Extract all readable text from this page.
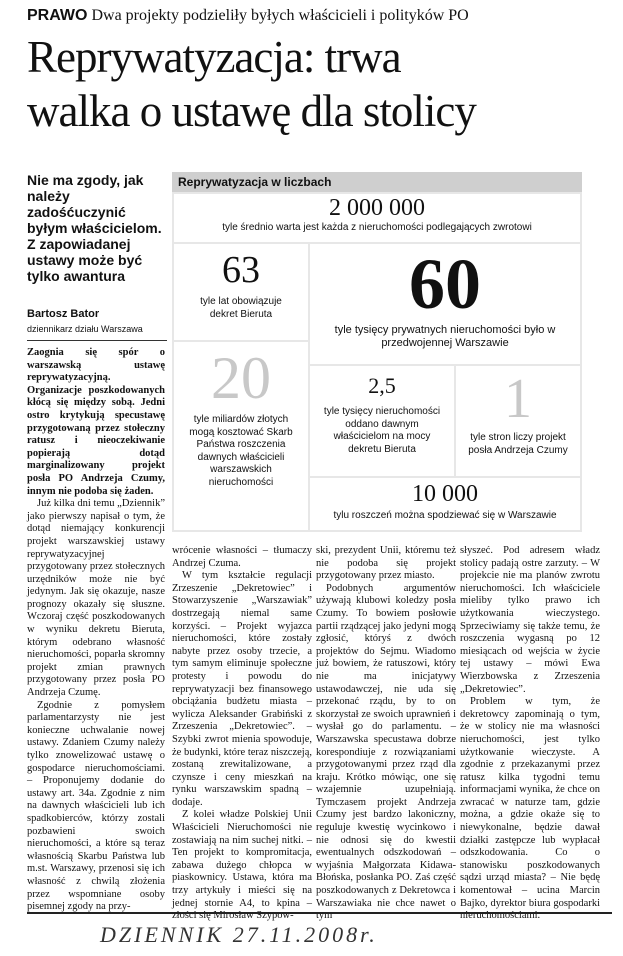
PRAWO Dwa projekty podzieliły byłych właścicieli i polityków PO
Reprywatyzacja: trwa
walka o ustawę dla stolicy
Nie ma zgody, jak należy zadośćuczynić byłym właścicielom. Z zapowiadanej ustawy może być tylko awantura
Bartosz Bator
dziennikarz działu Warszawa
Reprywatyzacja w liczbach
2 000 000
tyle średnio warta jest każda z nieruchomości podlegających zwrotowi
63
tyle lat obowiązuje dekret Bieruta	60
tyle tysięcy prywatnych nieruchomości było w przedwojennej Warszawie
20
tyle miliardów złotych mogą kosztować Skarb Państwa roszczenia dawnych właścicieli warszawskich nieruchomości
2,5
tyle tysięcy nieruchomości oddano dawnym właścicielom na mocy dekretu Bieruta
1
tyle stron liczy projekt posła Andrzeja Czumy
10 000
tylu roszczeń można spodziewać się w Warszawie

Zaognia się spór o warszawską ustawę reprywatyzacyjną. Organizacje poszkodowanych kłócą się między sobą. Jedni ostro krytykują specustawę przygotowaną przez stołeczny ratusz i nieoczekiwanie popierają dotąd marginalizowany projekt posła PO Andrzeja Czumy, innym nie podoba się żaden.

Już kilka dni temu „Dziennik” jako pierwszy napisał o tym, że dotąd niemający konkurencji projekt warszawskiej ustawy reprywatyzacyjnej przygotowany przez stołecznych urzędników może nie być jedynym. Jak się okazuje, nasze prognozy okazały się słuszne. Wczoraj część poszkodowanych w wyniku dekretu Bieruta, którym odebrano własność nieruchomości, poparła skromny projekt zmian prawnych przygotowany przez posła PO Andrzeja Czumę.

Zgodnie z pomysłem parlamentarzysty nie jest konieczne uchwalanie nowej ustawy. Zdaniem Czumy należy tylko znowelizować ustawę o gospodarce nieruchomościami. – Proponujemy dodanie do ustawy art. 34a. Zgodnie z nim na dawnych właścicieli lub ich spadkobierców, którzy zostali pozbawieni swoich nieruchomości, a które są teraz własnością Skarbu Państwa lub m.st. Warszawy, przenosi się ich własność z chwilą złożenia przez wspomniane osoby pisemnej zgody na przy-

wrócenie własności – tłumaczy Andrzej Czuma.

W tym kształcie regulacji Zrzeszenie „Dekretowiec” i Stowarzyszenie „Warszawiak” dostrzegają niemal same korzyści. – Projekt wyjazca nieruchomości, które zostały nabyte przez osoby trzecie, a tym samym eliminuje społeczne protesty i powodu do reprywatyzacji bez finansowego obciążania budżetu miasta – wylicza Aleksander Grabiński z Zrzeszenia „Dekretowiec”. – Szybki zwrot mienia spowoduje, że budynki, które teraz niszczeją, zostaną zrewitalizowane, a czynsze i ceny mieszkań na rynku warszawskim spadną – dodaje.

Z kolei władze Polskiej Unii Właścicieli Nieruchomości nie zostawiają na nim suchej nitki. – Ten projekt to kompromitacja, zabawa dużego chłopca w piaskownicy. Ustawa, która ma trzy artykuły i mieści się na jednej stornie A4, to kpina – złości się Mirosław Szypow-

ski, prezydent Unii, któremu też nie podoba się projekt przygotowany przez miasto.

Podobnych argumentów używają klubowi koledzy posła Czumy. To bowiem posłowie partii rządzącej jako jedyni mogą zgłosić, któryś z dwóch projektów do Sejmu. Wiadomo już bowiem, że ratuszowi, który nie ma inicjatywy ustawodawczej, nie uda się przekonać rządu, by to on skorzystał ze swoich uprawnień i wysłał go do parlamentu. – Warszawska specustawa dobrze korespondiuje z rozwiązaniami przygotowanymi przez rząd dla kraju. Krótko mówiąc, one się wzajemnie uzupełniają. Tymczasem projekt Andrzeja Czumy jest bardzo lakoniczny, reguluje kwestię wycinkowo i nie odnosi się do kwestii ewentualnych odszkodowań – wyjaśnia Małgorzata Kidawa-Błońska, posłanka PO. Zaś część poszkodowanych z Dekretowca i Warszawiaka nie chce nawet o tym

słyszeć. Pod adresem władz stolicy padają ostre zarzuty. – W projekcie nie ma planów zwrotu nieruchomości. Ich właściciele mieliby tylko prawo ich użytkowania wieczystego. Sprzeciwiamy się także temu, że roszczenia wygasną po 12 miesiącach od wejścia w życie tej ustawy – mówi Ewa Wierzbowska z Zrzeszenia „Dekretowiec”.

Problem w tym, że dekretowcy zapominają o tym, że w stolicy nie ma własności nieruchomości, jest tylko użytkowanie wieczyste. A zgodnie z przekazanymi przez ratusz kilka tygodni temu informacjami wynika, że chce on zwracać w naturze tam, gdzie można, a gdzie okaże się to niewykonalne, będzie dawał działki zastępcze lub wypłacał odszkodowania. Co o stanowisku poszkodowanych sądzi urząd miasta? – Nie będę komentował – ucina Marcin Bajko, dyrektor biura gospodarki nieruchomościami.

DZIENNIK 27.11.2008r.
